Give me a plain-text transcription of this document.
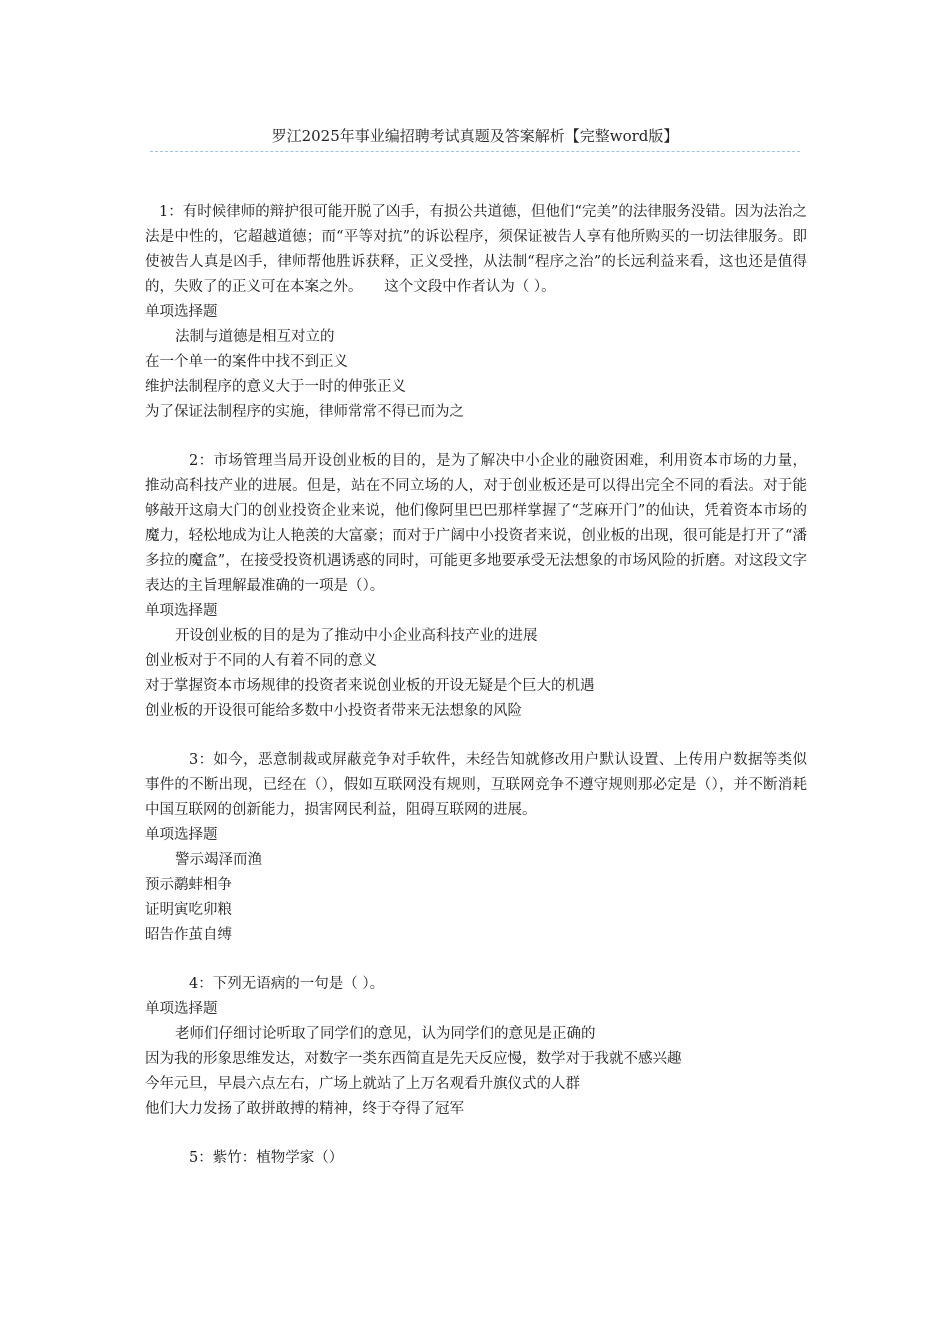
罗江2025年事业编招聘考试真题及答案解析【完整word版】
1：有时候律师的辩护很可能开脱了凶手，有损公共道德，但他们“完美”的法律服务没错。因为法治之法是中性的，它超越道德；而“平等对抗”的诉讼程序，须保证被告人享有他所购买的一切法律服务。即使被告人真是凶手，律师帮他胜诉获释，正义受挫，从法制“程序之治”的长远利益来看，这也还是值得的，失败了的正义可在本案之外。　　这个文段中作者认为（ ）。
单项选择题
法制与道德是相互对立的
在一个单一的案件中找不到正义
维护法制程序的意义大于一时的伸张正义
为了保证法制程序的实施，律师常常不得已而为之
2：市场管理当局开设创业板的目的，是为了解决中小企业的融资困难，利用资本市场的力量，推动高科技产业的进展。但是，站在不同立场的人，对于创业板还是可以得出完全不同的看法。对于能够敲开这扇大门的创业投资企业来说，他们像阿里巴巴那样掌握了“芝麻开门”的仙诀，凭着资本市场的魔力，轻松地成为让人艳羡的大富豪；而对于广阔中小投资者来说，创业板的出现，很可能是打开了“潘多拉的魔盒”，在接受投资机遇诱惑的同时，可能更多地要承受无法想象的市场风险的折磨。对这段文字表达的主旨理解最准确的一项是（）。
单项选择题
开设创业板的目的是为了推动中小企业高科技产业的进展
创业板对于不同的人有着不同的意义
对于掌握资本市场规律的投资者来说创业板的开设无疑是个巨大的机遇
创业板的开设很可能给多数中小投资者带来无法想象的风险
3：如今，恶意制裁或屏蔽竞争对手软件，未经告知就修改用户默认设置、上传用户数据等类似事件的不断出现，已经在（），假如互联网没有规则，互联网竞争不遵守规则那必定是（），并不断消耗中国互联网的创新能力，损害网民利益，阻碍互联网的进展。
单项选择题
警示竭泽而渔
预示鹬蚌相争
证明寅吃卯粮
昭告作茧自缚
4：下列无语病的一句是（ ）。
单项选择题
老师们仔细讨论听取了同学们的意见，认为同学们的意见是正确的
因为我的形象思维发达，对数字一类东西简直是先天反应慢，数学对于我就不感兴趣
今年元旦，早晨六点左右，广场上就站了上万名观看升旗仪式的人群
他们大力发扬了敢拼敢搏的精神，终于夺得了冠军
5：紫竹：植物学家（）
